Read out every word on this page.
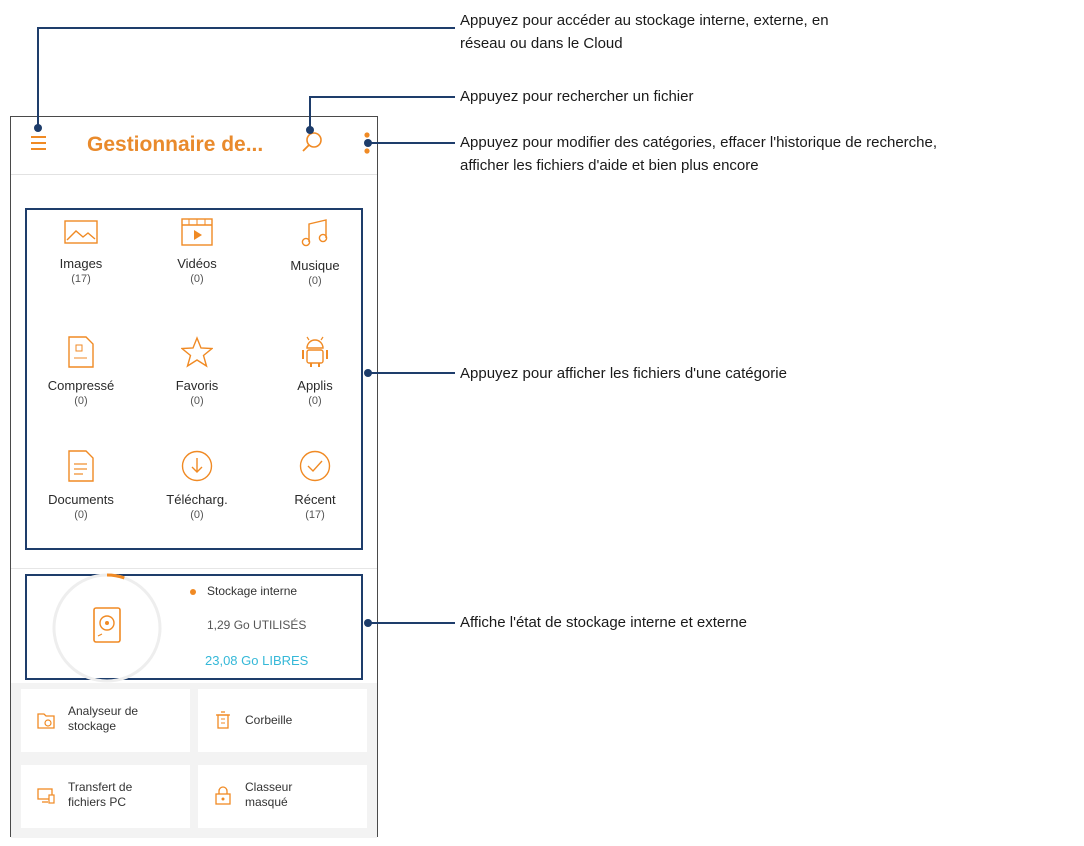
Gestionnaire de...
Images
(17)
Vidéos
(0)
Musique
(0)
Compressé
(0)
Favoris
(0)
Applis
(0)
Documents
(0)
Télécharg.
(0)
Récent
(17)
Stockage interne
1,29 Go UTILISÉS
23,08 Go LIBRES
Analyseur de
stockage	Corbeille
Transfert de
fichiers PC
Classeur
masqué
Appuyez pour accéder au stockage interne, externe, en
réseau ou dans le Cloud
Appuyez pour rechercher un fichier
Appuyez pour modifier des catégories, effacer l'historique de recherche,
afficher les fichiers d'aide et bien plus encore
Appuyez pour afficher les fichiers d'une catégorie
Affiche l'état de stockage interne et externe
